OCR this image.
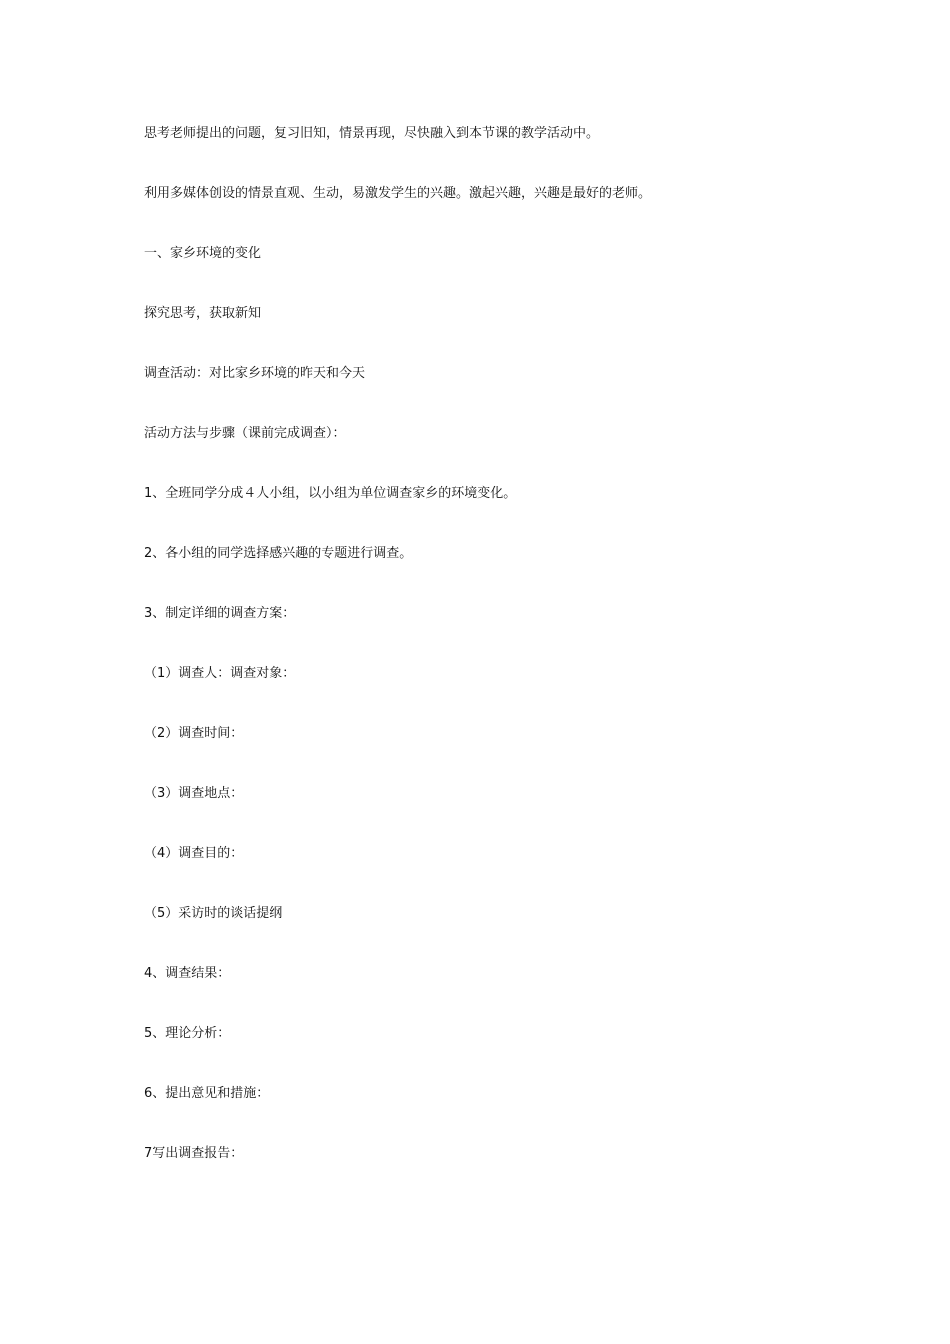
思考老师提出的问题，复习旧知，情景再现，尽快融入到本节课的教学活动中。

利用多媒体创设的情景直观、生动，易激发学生的兴趣。激起兴趣，兴趣是最好的老师。

一、家乡环境的变化

探究思考，获取新知

调查活动：对比家乡环境的昨天和今天

活动方法与步骤（课前完成调查）：

1、全班同学分成４人小组，以小组为单位调查家乡的环境变化。

2、各小组的同学选择感兴趣的专题进行调查。

3、制定详细的调查方案：

（1）调查人：调查对象：

（2）调查时间：

（3）调查地点：

（4）调查目的：

（5）采访时的谈话提纲

4、调查结果：

5、理论分析：

6、提出意见和措施：

7写出调查报告：
